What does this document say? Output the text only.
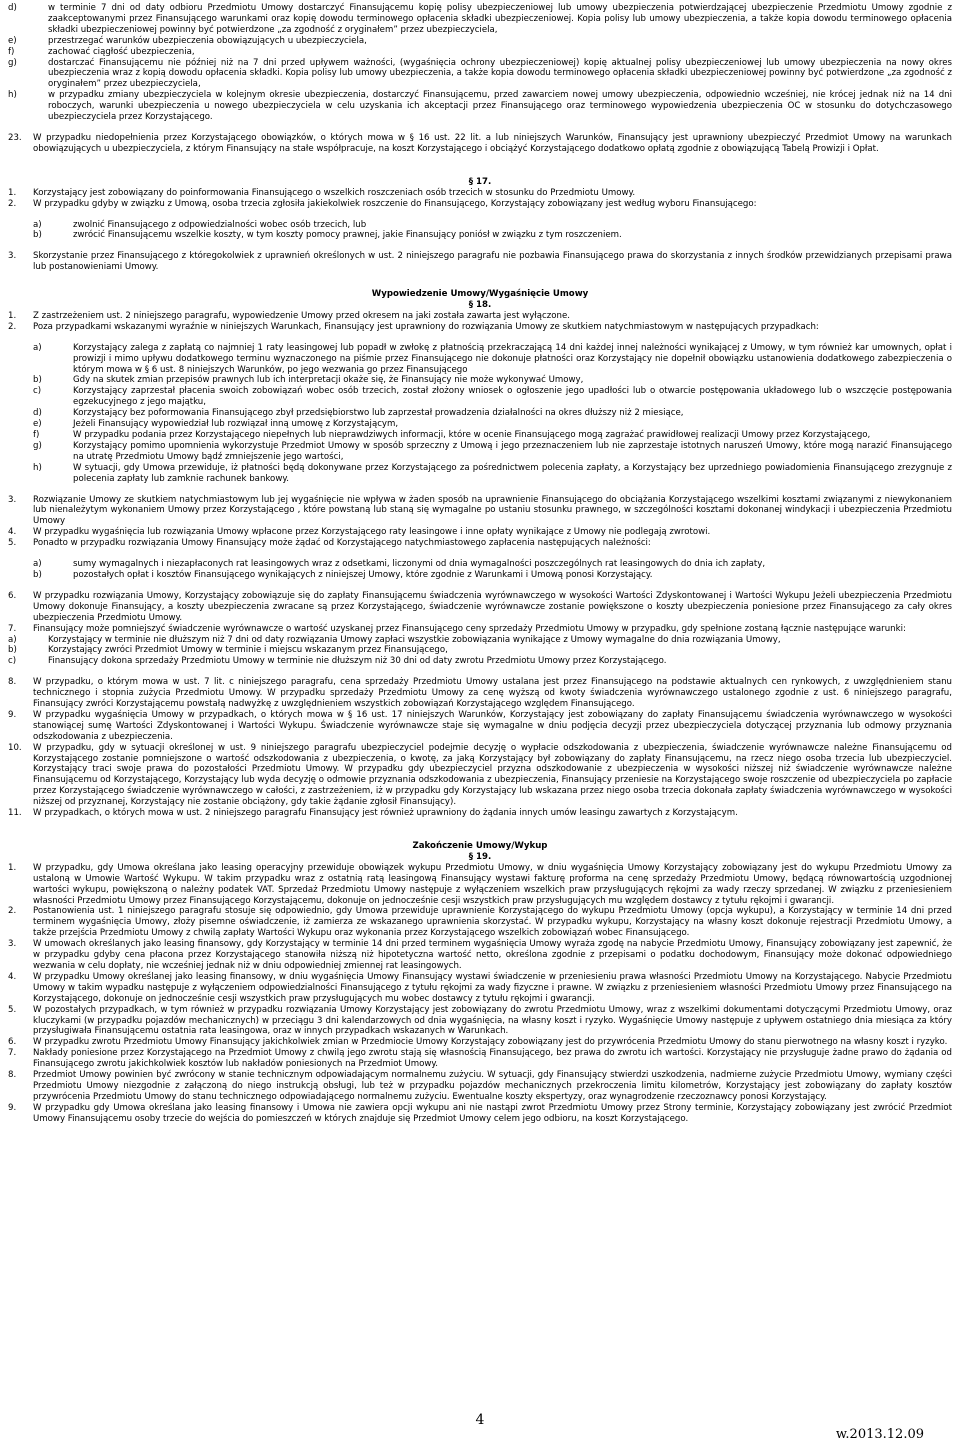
d)	w terminie 7 dni od daty odbioru Przedmiotu Umowy dostarczyć Finansującemu kopię polisy ubezpieczeniowej lub umowy ubezpieczenia potwierdzającej ubezpieczenie Przedmiotu Umowy zgodnie z zaakceptowanymi przez Finansującego warunkami oraz kopię dowodu terminowego opłacenia składki ubezpieczeniowej. Kopia polisy lub umowy ubezpieczenia, a także kopia dowodu terminowego opłacenia składki ubezpieczeniowej powinny być potwierdzone „za zgodność z oryginałem” przez ubezpieczyciela,
e)	przestrzegać warunków ubezpieczenia obowiązujących u ubezpieczyciela,
f)	zachować ciągłość ubezpieczenia,
g)	dostarczać Finansującemu nie później niż na 7 dni przed upływem ważności, (wygaśnięcia ochrony ubezpieczeniowej) kopię aktualnej polisy ubezpieczeniowej lub umowy ubezpieczenia na nowy okres ubezpieczenia wraz z kopią dowodu opłacenia składki. Kopia polisy lub umowy ubezpieczenia, a także kopia dowodu terminowego opłacenia składki ubezpieczeniowej powinny być potwierdzone „za zgodność z oryginałem” przez ubezpieczyciela,
h)	w przypadku zmiany ubezpieczyciela w kolejnym okresie ubezpieczenia, dostarczyć Finansującemu, przed zawarciem nowej umowy ubezpieczenia, odpowiednio wcześniej, nie krócej jednak niż na 14 dni roboczych, warunki ubezpieczenia u nowego ubezpieczyciela w celu uzyskania ich akceptacji przez Finansującego oraz terminowego wypowiedzenia ubezpieczenia OC w stosunku do dotychczasowego ubezpieczyciela przez Korzystającego.
23.	W przypadku niedopełnienia przez Korzystającego obowiązków, o których mowa w § 16 ust. 22 lit. a lub niniejszych Warunków, Finansujący jest uprawniony ubezpieczyć Przedmiot Umowy na warunkach obowiązujących u ubezpieczyciela, z którym Finansujący na stałe współpracuje, na koszt Korzystającego i obciążyć Korzystającego dodatkowo opłatą zgodnie z obowiązującą Tabelą Prowizji i Opłat.
§ 17.
1.	Korzystający jest zobowiązany do poinformowania Finansującego o wszelkich roszczeniach osób trzecich w stosunku do Przedmiotu Umowy.
2.	W przypadku gdyby w związku z Umową, osoba trzecia zgłosiła jakiekolwiek roszczenie do Finansującego, Korzystający zobowiązany jest według wyboru Finansującego:
a)	zwolnić Finansującego z odpowiedzialności wobec osób trzecich, lub
b)	zwrócić Finansującemu wszelkie koszty, w tym koszty pomocy prawnej, jakie Finansujący poniósł w związku z tym roszczeniem.
3.	Skorzystanie przez Finansującego z któregokolwiek z uprawnień określonych w ust. 2 niniejszego paragrafu nie pozbawia Finansującego prawa do skorzystania z innych środków przewidzianych przepisami prawa lub postanowieniami Umowy.
Wypowiedzenie Umowy/Wygaśnięcie Umowy
§ 18.
1.	Z zastrzeżeniem ust. 2 niniejszego paragrafu, wypowiedzenie Umowy przed okresem na jaki została zawarta jest wyłączone.
2.	Poza przypadkami wskazanymi wyraźnie w niniejszych Warunkach, Finansujący jest uprawniony do rozwiązania Umowy ze skutkiem natychmiastowym w następujących przypadkach:
a)	Korzystający zalega z zapłatą co najmniej 1 raty leasingowej lub popadł w zwłokę z płatnością przekraczającą 14 dni każdej innej należności wynikającej z Umowy, w tym również kar umownych, opłat i prowizji i mimo upływu dodatkowego terminu wyznaczonego na piśmie przez Finansującego nie dokonuje płatności oraz Korzystający nie dopełnił obowiązku ustanowienia dodatkowego zabezpieczenia o którym mowa w § 6 ust. 8 niniejszych Warunków, po jego wezwania go przez Finansującego
b)	Gdy na skutek zmian przepisów prawnych lub ich interpretacji okaże się, że Finansujący nie może wykonywać Umowy,
c)	Korzystający zaprzestał płacenia swoich zobowiązań wobec osób trzecich, został złożony wniosek o ogłoszenie jego upadłości lub o otwarcie postępowania układowego lub o wszczęcie postępowania egzekucyjnego z jego majątku,
d)	Korzystający bez poformowania Finansującego zbył przedsiębiorstwo lub zaprzestał prowadzenia działalności na okres dłuższy niż 2 miesiące,
e)	Jeżeli Finansujący wypowiedział lub rozwiązał inną umowę z Korzystającym,
f)	W przypadku podania przez Korzystającego niepełnych lub nieprawdziwych informacji, które w ocenie Finansującego mogą zagrażać prawidłowej realizacji Umowy przez Korzystającego,
g)	Korzystający pomimo upomnienia wykorzystuje Przedmiot Umowy w sposób sprzeczny z Umową i jego przeznaczeniem lub nie zaprzestaje istotnych naruszeń Umowy, które mogą narazić Finansującego na utratę Przedmiotu Umowy bądź zmniejszenie jego wartości,
h)	W sytuacji, gdy Umowa przewiduje, iż płatności będą dokonywane przez Korzystającego za pośrednictwem polecenia zapłaty, a Korzystający bez uprzedniego powiadomienia Finansującego zrezygnuje z polecenia zapłaty lub zamknie rachunek bankowy.
3.	Rozwiązanie Umowy ze skutkiem natychmiastowym lub jej wygaśnięcie nie wpływa w żaden sposób na uprawnienie Finansującego do obciążania Korzystającego wszelkimi kosztami związanymi z niewykonaniem lub nienależytym wykonaniem Umowy przez Korzystającego , które powstaną lub staną się wymagalne po ustaniu stosunku prawnego, w szczególności kosztami dokonanej windykacji i ubezpieczenia Przedmiotu Umowy
4.	W przypadku wygaśnięcia lub rozwiązania Umowy wpłacone przez Korzystającego raty leasingowe i inne opłaty wynikające z Umowy nie podlegają zwrotowi.
5.	Ponadto w przypadku rozwiązania Umowy Finansujący może żądać od Korzystającego natychmiastowego zapłacenia następujących należności:
a)	sumy wymagalnych i niezapłaconych rat leasingowych wraz z odsetkami, liczonymi od dnia wymagalności poszczególnych rat leasingowych do dnia ich zapłaty,
b)	pozostałych opłat i kosztów Finansującego wynikających z niniejszej Umowy, które zgodnie z Warunkami i Umową ponosi Korzystający.
6.	W przypadku rozwiązania Umowy, Korzystający zobowiązuje się do zapłaty Finansującemu świadczenia wyrównawczego w wysokości Wartości Zdyskontowanej i Wartości Wykupu Jeżeli ubezpieczenia Przedmiotu Umowy dokonuje Finansujący, a koszty ubezpieczenia zwracane są przez Korzystającego, świadczenie wyrównawcze zostanie powiększone o koszty ubezpieczenia poniesione przez Finansującego za cały okres ubezpieczenia Przedmiotu Umowy.
7.	Finansujący może pomniejszyć świadczenie wyrównawcze o wartość uzyskanej przez Finansującego ceny sprzedaży Przedmiotu Umowy w przypadku, gdy spełnione zostaną łącznie następujące warunki:
a)	Korzystający w terminie nie dłuższym niż 7 dni od daty rozwiązania Umowy zapłaci wszystkie zobowiązania wynikające z Umowy wymagalne do dnia rozwiązania Umowy,
b)	Korzystający zwróci Przedmiot Umowy w terminie i miejscu wskazanym przez Finansującego,
c)	Finansujący dokona sprzedaży Przedmiotu Umowy w terminie nie dłuższym niż 30 dni od daty zwrotu Przedmiotu Umowy przez Korzystającego.
8.	W przypadku, o którym mowa w ust. 7 lit. c niniejszego paragrafu, cena sprzedaży Przedmiotu Umowy ustalana jest przez Finansującego na podstawie aktualnych cen rynkowych, z uwzględnieniem stanu technicznego i stopnia zużycia Przedmiotu Umowy. W przypadku sprzedaży Przedmiotu Umowy za cenę wyższą od kwoty świadczenia wyrównawczego ustalonego zgodnie z ust. 6 niniejszego paragrafu, Finansujący zwróci Korzystającemu powstałą nadwyżkę z uwzględnieniem wszystkich zobowiązań Korzystającego względem Finansującego.
9.	W przypadku wygaśnięcia Umowy w przypadkach, o których mowa w § 16 ust. 17 niniejszych Warunków, Korzystający jest zobowiązany do zapłaty Finansującemu świadczenia wyrównawczego w wysokości stanowiącej sumę Wartości Zdyskontowanej i Wartości Wykupu. Świadczenie wyrównawcze staje się wymagalne w dniu podjęcia decyzji przez ubezpieczyciela dotyczącej przyznania lub odmowy przyznania odszkodowania z ubezpieczenia.
10.	W przypadku, gdy w sytuacji określonej w ust. 9 niniejszego paragrafu ubezpieczyciel podejmie decyzję o wypłacie odszkodowania z ubezpieczenia, świadczenie wyrównawcze należne Finansującemu od Korzystającego zostanie pomniejszone o wartość odszkodowania z ubezpieczenia, o kwotę, za jaką Korzystający był zobowiązany do zapłaty Finansującemu, na rzecz niego osoba trzecia lub ubezpieczyciel. Korzystający traci swoje prawa do pozostałości Przedmiotu Umowy. W przypadku gdy ubezpieczyciel przyzna odszkodowanie z ubezpieczenia w wysokości niższej niż świadczenie wyrównawcze należne Finansującemu od Korzystającego, Korzystający lub wyda decyzję o odmowie przyznania odszkodowania z ubezpieczenia, Finansujący przeniesie na Korzystającego swoje roszczenie od ubezpieczyciela po zapłacie przez Korzystającego świadczenie wyrównawczego w całości, z zastrzeżeniem, iż w przypadku gdy Korzystający lub wskazana przez niego osoba trzecia dokonała zapłaty świadczenia wyrównawczego w wysokości niższej od przyznanej, Korzystający nie zostanie obciążony, gdy takie żądanie zgłosił Finansujący).
11.	W przypadkach, o których mowa w ust. 2 niniejszego paragrafu Finansujący jest również uprawniony do żądania innych umów leasingu zawartych z Korzystającym.
Zakończenie Umowy/Wykup
§ 19.
1.	W przypadku, gdy Umowa określana jako leasing operacyjny przewiduje obowiązek wykupu Przedmiotu Umowy, w dniu wygaśnięcia Umowy Korzystający zobowiązany jest do wykupu Przedmiotu Umowy za ustaloną w Umowie Wartość Wykupu. W takim przypadku wraz z ostatnią ratą leasingową Finansujący wystawi fakturę proforma na cenę sprzedaży Przedmiotu Umowy, będącą równowartością uzgodnionej wartości wykupu, powiększoną o należny podatek VAT. Sprzedaż Przedmiotu Umowy następuje z wyłączeniem wszelkich praw przysługujących rękojmi za wady rzeczy sprzedanej. W związku z przeniesieniem własności Przedmiotu Umowy przez Finansującego Korzystającemu, dokonuje on jednocześnie cesji wszystkich praw przysługujących mu względem dostawcy z tytułu rękojmi i gwarancji.
2.	Postanowienia ust. 1 niniejszego paragrafu stosuje się odpowiednio, gdy Umowa przewiduje uprawnienie Korzystającego do wykupu Przedmiotu Umowy (opcja wykupu), a Korzystający w terminie 14 dni przed terminem wygaśnięcia Umowy, złoży pisemne oświadczenie, iż zamierza ze wskazanego uprawnienia skorzystać. W przypadku wykupu, Korzystający na własny koszt dokonuje rejestracji Przedmiotu Umowy, a także przejścia Przedmiotu Umowy z chwilą zapłaty Wartości Wykupu oraz wykonania przez Korzystającego wszelkich zobowiązań wobec Finansującego.
3.	W umowach określanych jako leasing finansowy, gdy Korzystający w terminie 14 dni przed terminem wygaśnięcia Umowy wyraża zgodę na nabycie Przedmiotu Umowy, Finansujący zobowiązany jest zapewnić, że w przypadku gdyby cena płacona przez Korzystającego stanowiła niższą niż hipotetyczna wartość netto, określona zgodnie z przepisami o podatku dochodowym, Finansujący może dokonać odpowiedniego wezwania w celu dopłaty, nie wcześniej jednak niż w dniu odpowiedniej zmiennej rat leasingowych.
4.	W przypadku Umowy określanej jako leasing finansowy, w dniu wygaśnięcia Umowy Finansujący wystawi świadczenie w przeniesieniu prawa własności Przedmiotu Umowy na Korzystającego. Nabycie Przedmiotu Umowy w takim wypadku następuje z wyłączeniem odpowiedzialności Finansującego z tytułu rękojmi za wady fizyczne i prawne. W związku z przeniesieniem własności Przedmiotu Umowy przez Finansującego na Korzystającego, dokonuje on jednocześnie cesji wszystkich praw przysługujących mu wobec dostawcy z tytułu rękojmi i gwarancji.
5.	W pozostałych przypadkach, w tym również w przypadku rozwiązania Umowy Korzystający jest zobowiązany do zwrotu Przedmiotu Umowy, wraz z wszelkimi dokumentami dotyczącymi Przedmiotu Umowy, oraz kluczykami (w przypadku pojazdów mechanicznych) w przeciągu 3 dni kalendarzowych od dnia wygaśnięcia, na własny koszt i ryzyko. Wygaśnięcie Umowy następuje z upływem ostatniego dnia miesiąca za który przysługiwała Finansującemu ostatnia rata leasingowa, oraz w innych przypadkach wskazanych w Warunkach.
6.	W przypadku zwrotu Przedmiotu Umowy Finansujący jakichkolwiek zmian w Przedmiocie Umowy Korzystający zobowiązany jest do przywrócenia Przedmiotu Umowy do stanu pierwotnego na własny koszt i ryzyko.
7.	Nakłady poniesione przez Korzystającego na Przedmiot Umowy z chwilą jego zwrotu stają się własnością Finansującego, bez prawa do zwrotu ich wartości. Korzystający nie przysługuje żadne prawo do żądania od Finansującego zwrotu jakichkolwiek kosztów lub nakładów poniesionych na Przedmiot Umowy.
8.	Przedmiot Umowy powinien być zwrócony w stanie technicznym odpowiadającym normalnemu zużyciu. W sytuacji, gdy Finansujący stwierdzi uszkodzenia, nadmierne zużycie Przedmiotu Umowy, wymiany części Przedmiotu Umowy niezgodnie z załączoną do niego instrukcją obsługi, lub też w przypadku pojazdów mechanicznych przekroczenia limitu kilometrów, Korzystający jest zobowiązany do zapłaty kosztów przywrócenia Przedmiotu Umowy do stanu technicznego odpowiadającego normalnemu zużyciu. Ewentualne koszty ekspertyzy, oraz wynagrodzenie rzeczoznawcy ponosi Korzystający.
9.	W przypadku gdy Umowa określana jako leasing finansowy i Umowa nie zawiera opcji wykupu ani nie nastąpi zwrot Przedmiotu Umowy przez Strony terminie, Korzystający zobowiązany jest zwrócić Przedmiot Umowy Finansującemu osoby trzecie do wejścia do pomieszczeń w których znajduje się Przedmiot Umowy celem jego odbioru, na koszt Korzystającego.
4
w.2013.12.09
